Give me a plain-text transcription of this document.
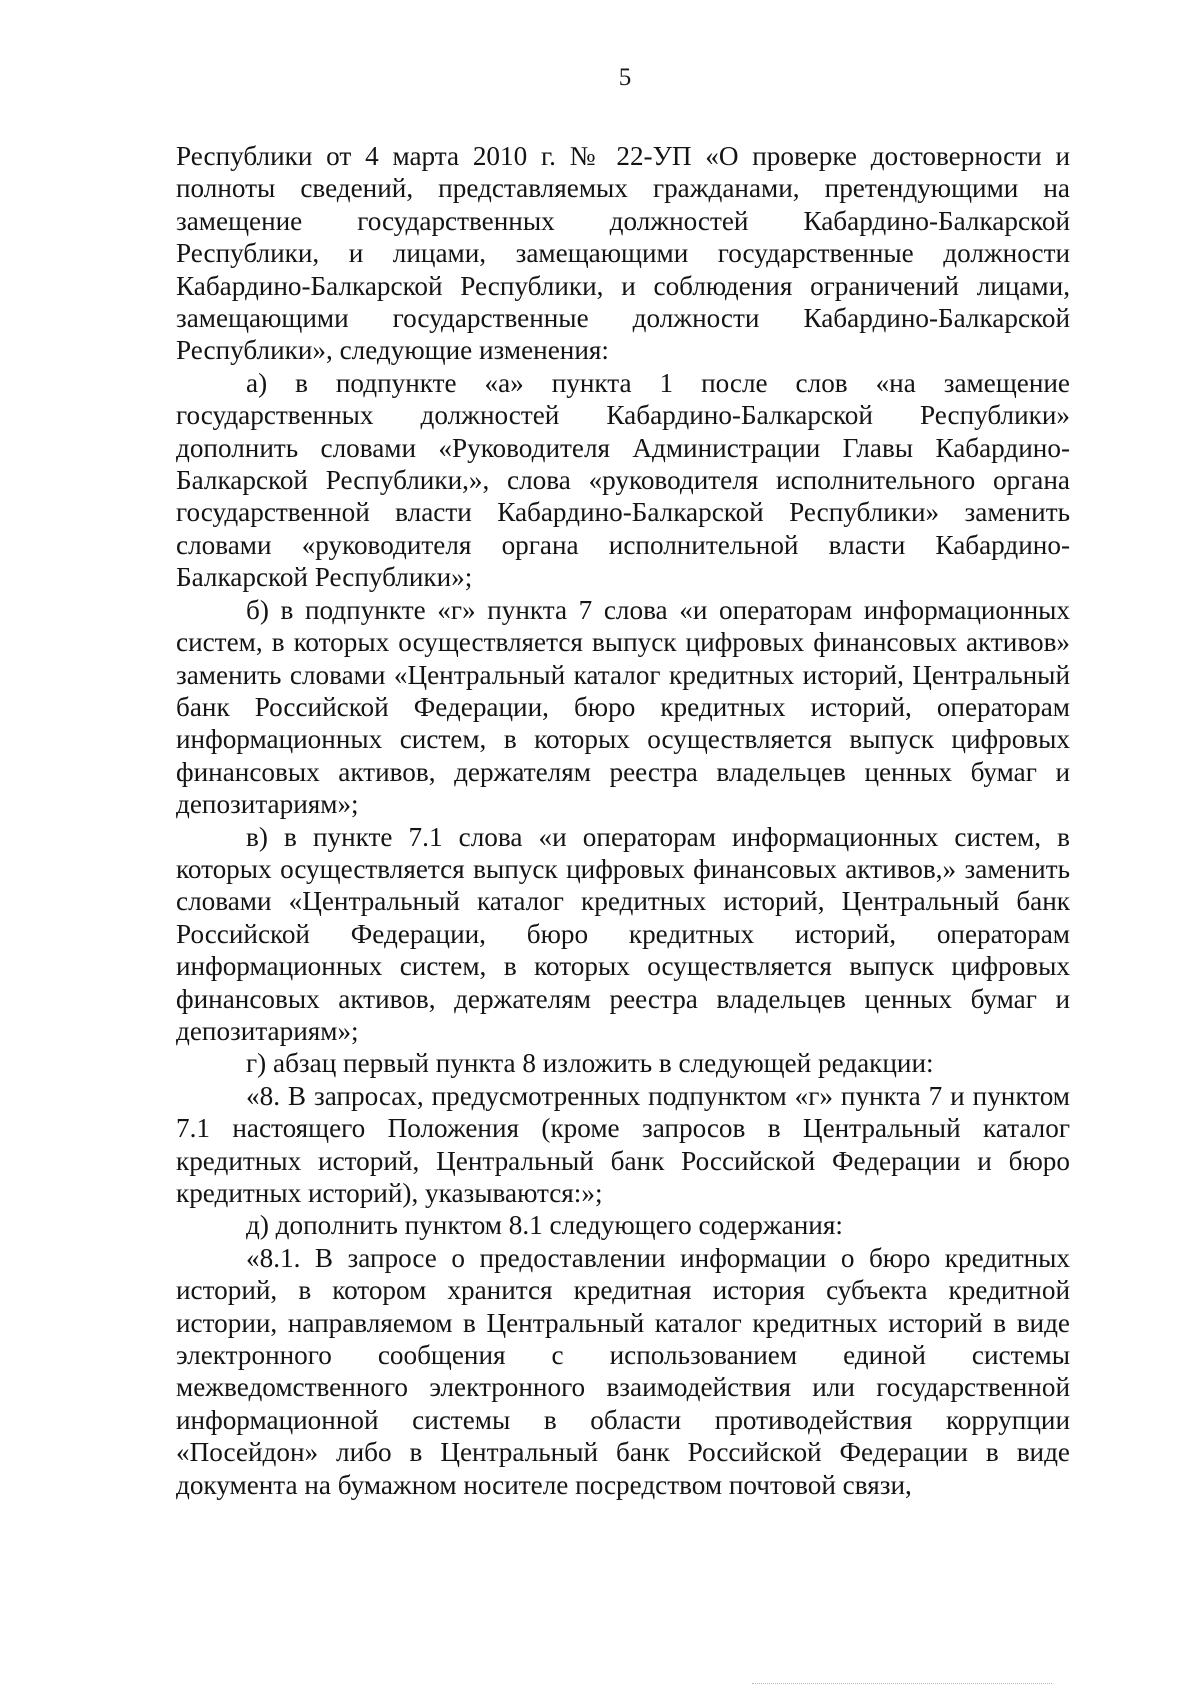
5

Республики от 4 марта 2010 г. № 22-УП «О проверке достоверности и полноты сведений, представляемых гражданами, претендующими на замещение государственных должностей Кабардино-Балкарской Республики, и лицами, замещающими государственные должности Кабардино-Балкарской Республики, и соблюдения ограничений лицами, замещающими государственные должности Кабардино-Балкарской Республики», следующие изменения:

а) в подпункте «а» пункта 1 после слов «на замещение государственных должностей Кабардино-Балкарской Республики» дополнить словами «Руководителя Администрации Главы Кабардино-Балкарской Республики,», слова «руководителя исполнительного органа государственной власти Кабардино-Балкарской Республики» заменить словами «руководителя органа исполнительной власти Кабардино-Балкарской Республики»;

б) в подпункте «г» пункта 7 слова «и операторам информационных систем, в которых осуществляется выпуск цифровых финансовых активов» заменить словами «Центральный каталог кредитных историй, Центральный банк Российской Федерации, бюро кредитных историй, операторам информационных систем, в которых осуществляется выпуск цифровых финансовых активов, держателям реестра владельцев ценных бумаг и депозитариям»;

в) в пункте 7.1 слова «и операторам информационных систем, в которых осуществляется выпуск цифровых финансовых активов,» заменить словами «Центральный каталог кредитных историй, Центральный банк Российской Федерации, бюро кредитных историй, операторам информационных систем, в которых осуществляется выпуск цифровых финансовых активов, держателям реестра владельцев ценных бумаг и депозитариям»;

г) абзац первый пункта 8 изложить в следующей редакции:

«8. В запросах, предусмотренных подпунктом «г» пункта 7 и пунктом 7.1 настоящего Положения (кроме запросов в Центральный каталог кредитных историй, Центральный банк Российской Федерации и бюро кредитных историй), указываются:»;

д) дополнить пунктом 8.1 следующего содержания:

«8.1. В запросе о предоставлении информации о бюро кредитных историй, в котором хранится кредитная история субъекта кредитной истории, направляемом в Центральный каталог кредитных историй в виде электронного сообщения с использованием единой системы межведомственного электронного взаимодействия или государственной информационной системы в области противодействия коррупции «Посейдон» либо в Центральный банк Российской Федерации в виде документа на бумажном носителе посредством почтовой связи,
